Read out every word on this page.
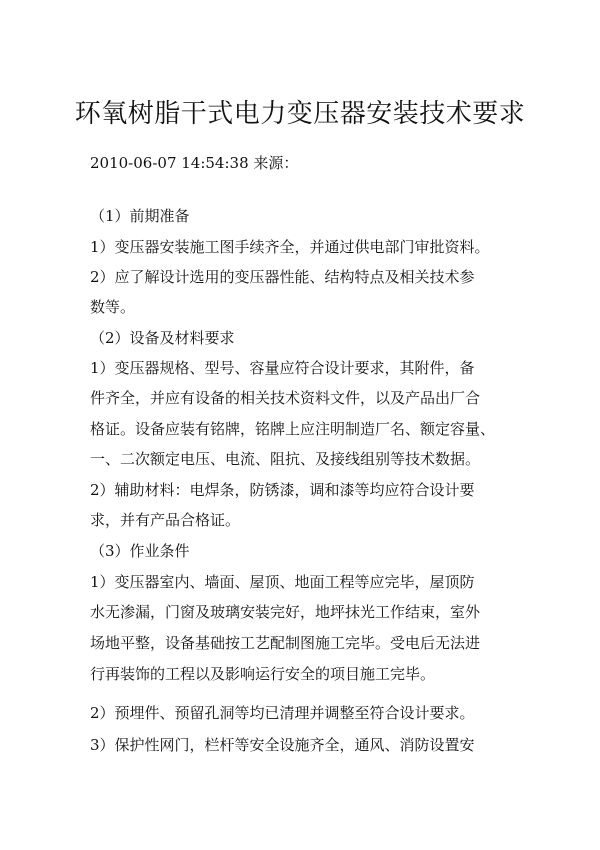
环氧树脂干式电力变压器安装技术要求
2010-06-07 14:54:38 来源：
（1）前期准备
1）变压器安装施工图手续齐全，并通过供电部门审批资料。
2）应了解设计选用的变压器性能、结构特点及相关技术参
数等。
（2）设备及材料要求
1）变压器规格、型号、容量应符合设计要求，其附件，备
件齐全，并应有设备的相关技术资料文件，以及产品出厂合
格证。设备应装有铭牌，铭牌上应注明制造厂名、额定容量、
一、二次额定电压、电流、阻抗、及接线组别等技术数据。
2）辅助材料：电焊条，防锈漆，调和漆等均应符合设计要
求，并有产品合格证。
（3）作业条件
1）变压器室内、墙面、屋顶、地面工程等应完毕，屋顶防
水无渗漏，门窗及玻璃安装完好，地坪抹光工作结束，室外
场地平整，设备基础按工艺配制图施工完毕。受电后无法进
行再装饰的工程以及影响运行安全的项目施工完毕。
2）预埋件、预留孔洞等均已清理并调整至符合设计要求。
3）保护性网门，栏杆等安全设施齐全，通风、消防设置安
